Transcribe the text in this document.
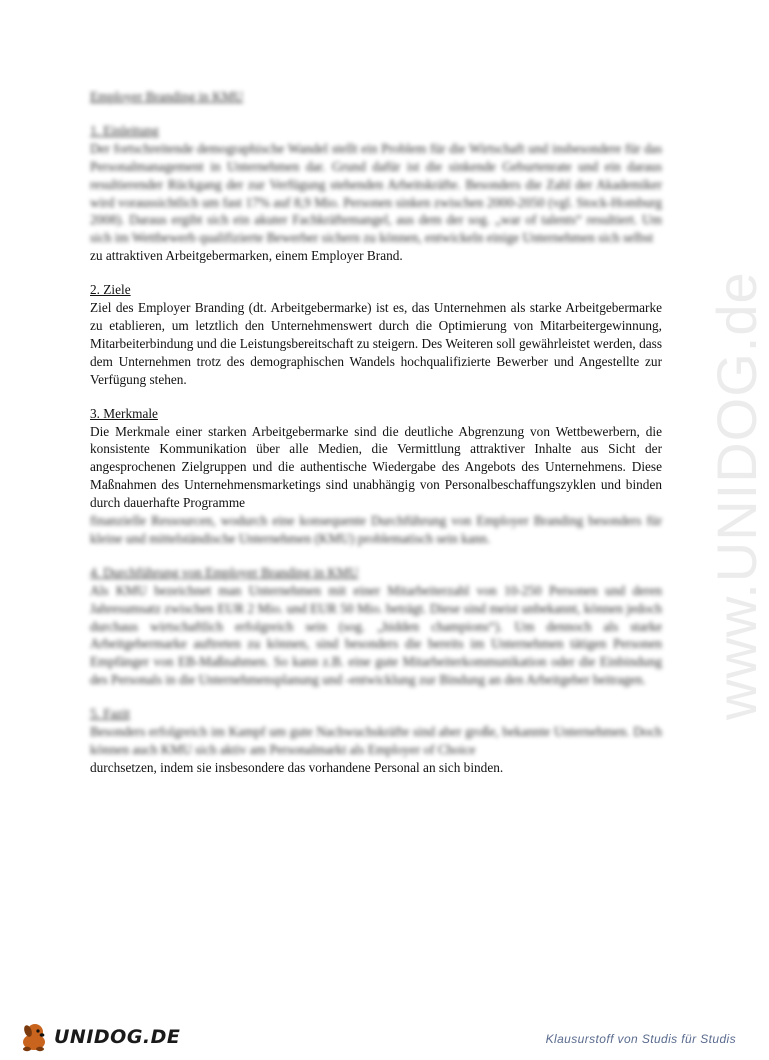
www.UNIDOG.de
Employer Branding in KMU
1. Einleitung
Der fortschreitende demographische Wandel stellt ein Problem für die Wirtschaft und insbesondere für das Personalmanagement in Unternehmen dar. Grund dafür ist die sinkende Geburtenrate und ein daraus resultierender Rückgang der zur Verfügung stehenden Arbeitskräfte. Besonders die Zahl der Akademiker wird voraussichtlich um fast 17% auf 8,9 Mio. Personen sinken zwischen 2000-2050 (vgl. Stock-Homburg 2008). Daraus ergibt sich ein akuter Fachkräftemangel, aus dem der sog. „war of talents“ resultiert. Um sich im Wettbewerb qualifizierte Bewerber sichern zu können, entwickeln einige Unternehmen sich selbst
zu attraktiven Arbeitgebermarken, einem Employer Brand.
2. Ziele

Ziel des Employer Branding (dt. Arbeitgebermarke) ist es, das Unternehmen als starke Arbeitgebermarke zu etablieren, um letztlich den Unternehmenswert durch die Optimierung von Mitarbeitergewinnung, Mitarbeiterbindung und die Leistungsbereitschaft zu steigern. Des Weiteren soll gewährleistet werden, dass dem Unternehmen trotz des demographischen Wandels hochqualifizierte Bewerber und Angestellte zur Verfügung stehen.

3. Merkmale
Die Merkmale einer starken Arbeitgebermarke sind die deutliche Abgrenzung von Wettbewerbern, die konsistente Kommunikation über alle Medien, die Vermittlung attraktiver Inhalte aus Sicht der angesprochenen Zielgruppen und die authentische Wiedergabe des Angebots des Unternehmens. Diese Maßnahmen des Unternehmensmarketings sind unabhängig von Personalbeschaffungszyklen und binden durch dauerhafte Programme
finanzielle Ressourcen, wodurch eine konsequente Durchführung von Employer Branding besonders für kleine und mittelständische Unternehmen (KMU) problematisch sein kann.
4. Durchführung von Employer Branding in KMU
Als KMU bezeichnet man Unternehmen mit einer Mitarbeiterzahl von 10-250 Personen und deren Jahresumsatz zwischen EUR 2 Mio. und EUR 50 Mio. beträgt. Diese sind meist unbekannt, können jedoch durchaus wirtschaftlich erfolgreich sein (sog. „hidden champions“). Um dennoch als starke Arbeitgebermarke auftreten zu können, sind besonders die bereits im Unternehmen tätigen Personen Empfänger von EB-Maßnahmen. So kann z.B. eine gute Mitarbeiterkommunikation oder die Einbindung des Personals in die Unternehmensplanung und -entwicklung zur Bindung an den Arbeitgeber beitragen.
5. Fazit
Besonders erfolgreich im Kampf um gute Nachwuchskräfte sind aber große, bekannte Unternehmen. Doch können auch KMU sich aktiv am Personalmarkt als Employer of Choice
durchsetzen, indem sie insbesondere das vorhandene Personal an sich binden.
UNIDOG.DE	Klausurstoff von Studis für Studis
